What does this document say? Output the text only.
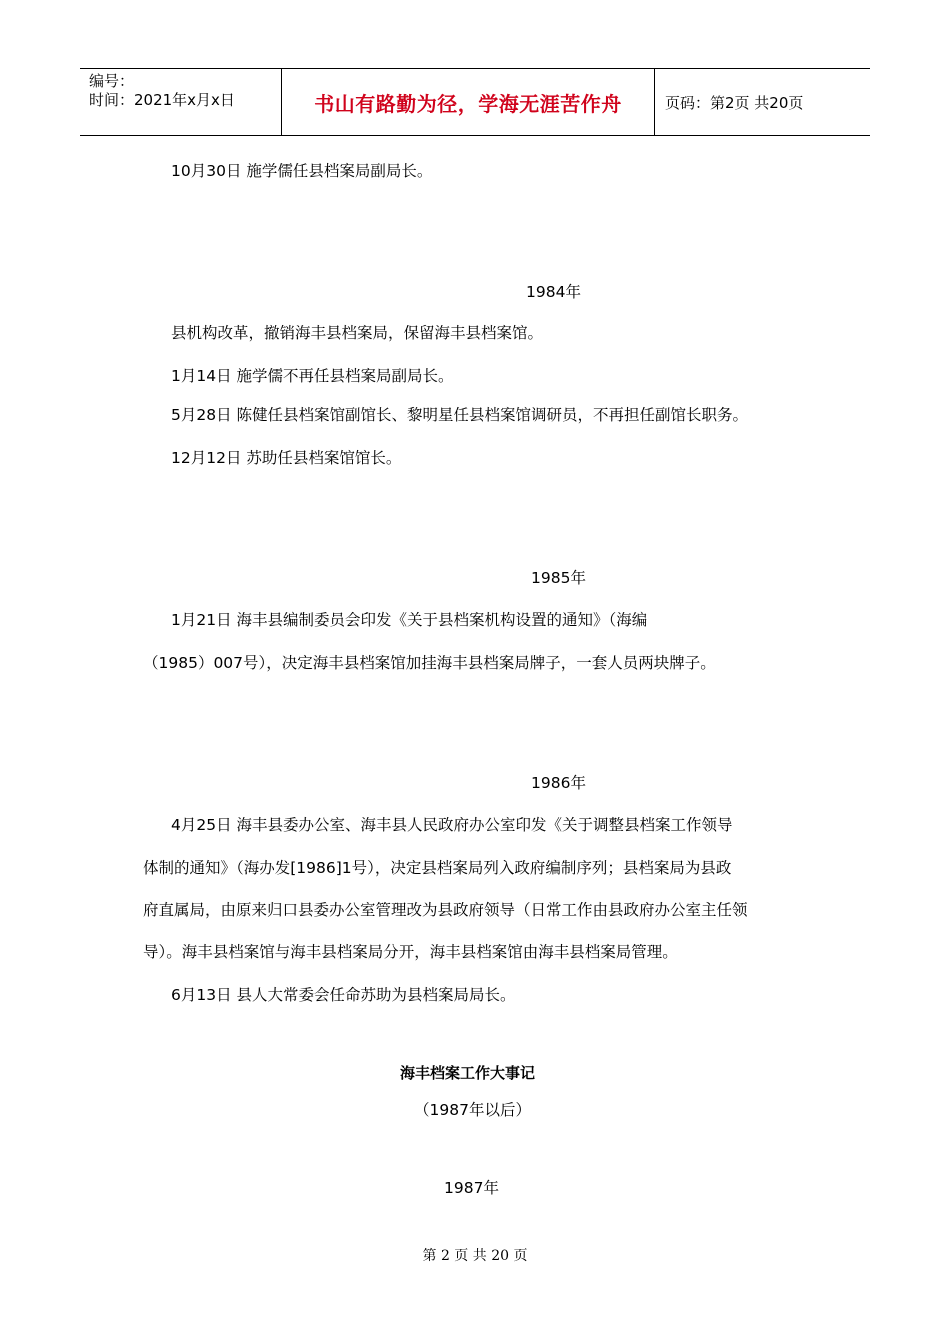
编号：
时间：2021年x月x日	书山有路勤为径，学海无涯苦作舟	页码：第2页 共20页
10月30日 施学儒任县档案局副局长。
1984年
县机构改革，撤销海丰县档案局，保留海丰县档案馆。
1月14日 施学儒不再任县档案局副局长。
5月28日 陈健任县档案馆副馆长、黎明星任县档案馆调研员，不再担任副馆长职务。
12月12日 苏助任县档案馆馆长。
1985年
1月21日 海丰县编制委员会印发《关于县档案机构设置的通知》（海编
（1985）007号），决定海丰县档案馆加挂海丰县档案局牌子，一套人员两块牌子。
1986年
4月25日 海丰县委办公室、海丰县人民政府办公室印发《关于调整县档案工作领导
体制的通知》（海办发[1986]1号），决定县档案局列入政府编制序列；县档案局为县政
府直属局，由原来归口县委办公室管理改为县政府领导（日常工作由县政府办公室主任领
导）。海丰县档案馆与海丰县档案局分开，海丰县档案馆由海丰县档案局管理。
6月13日 县人大常委会任命苏助为县档案局局长。
海丰档案工作大事记
（1987年以后）
1987年
第 2 页 共 20 页
